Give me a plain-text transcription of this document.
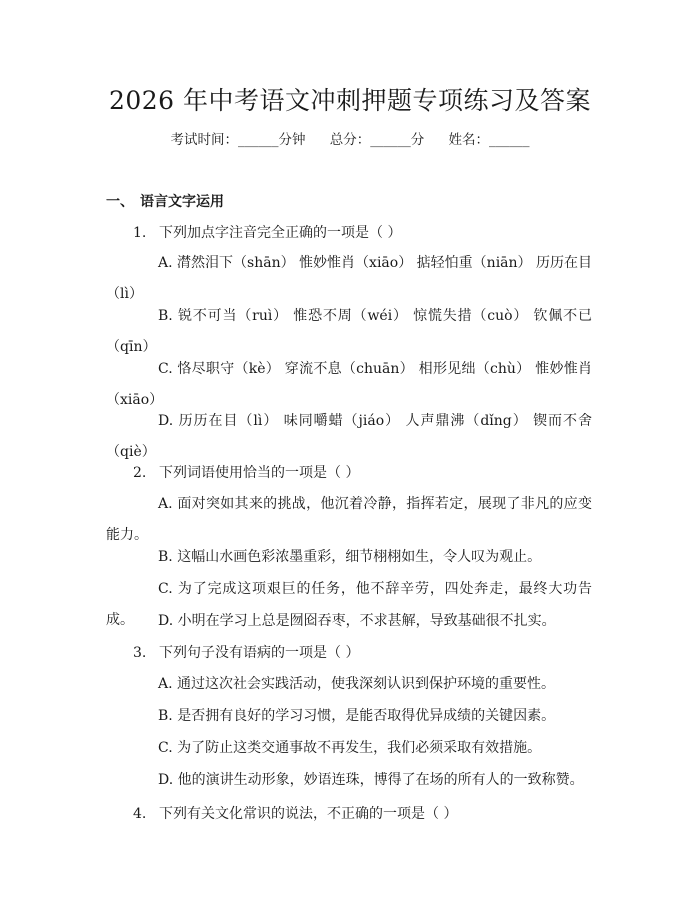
2026 年中考语文冲刺押题专项练习及答案
考试时间：______分钟 总分：______分 姓名：______
一、 语言文字运用
1. 下列加点字注音完全正确的一项是（ ）
A. 潸然泪下（shān） 惟妙惟肖（xiāo） 掂轻怕重（niān） 历历在目（lì）
B. 锐不可当（ruì） 惟恐不周（wéi） 惊慌失措（cuò） 钦佩不已（qīn）
C. 恪尽职守（kè） 穿流不息（chuān） 相形见绌（chù） 惟妙惟肖（xiāo）
D. 历历在目（lì） 味同嚼蜡（jiáo） 人声鼎沸（dǐng） 锲而不舍（qiè）
2. 下列词语使用恰当的一项是（ ）
A. 面对突如其来的挑战，他沉着冷静，指挥若定，展现了非凡的应变能力。
B. 这幅山水画色彩浓墨重彩，细节栩栩如生，令人叹为观止。
C. 为了完成这项艰巨的任务，他不辞辛劳，四处奔走，最终大功告成。	D. 小明在学习上总是囫囵吞枣，不求甚解，导致基础很不扎实。
3. 下列句子没有语病的一项是（ ）
A. 通过这次社会实践活动，使我深刻认识到保护环境的重要性。
B. 是否拥有良好的学习习惯，是能否取得优异成绩的关键因素。
C. 为了防止这类交通事故不再发生，我们必须采取有效措施。
D. 他的演讲生动形象，妙语连珠，博得了在场的所有人的一致称赞。
4. 下列有关文化常识的说法，不正确的一项是（ ）
